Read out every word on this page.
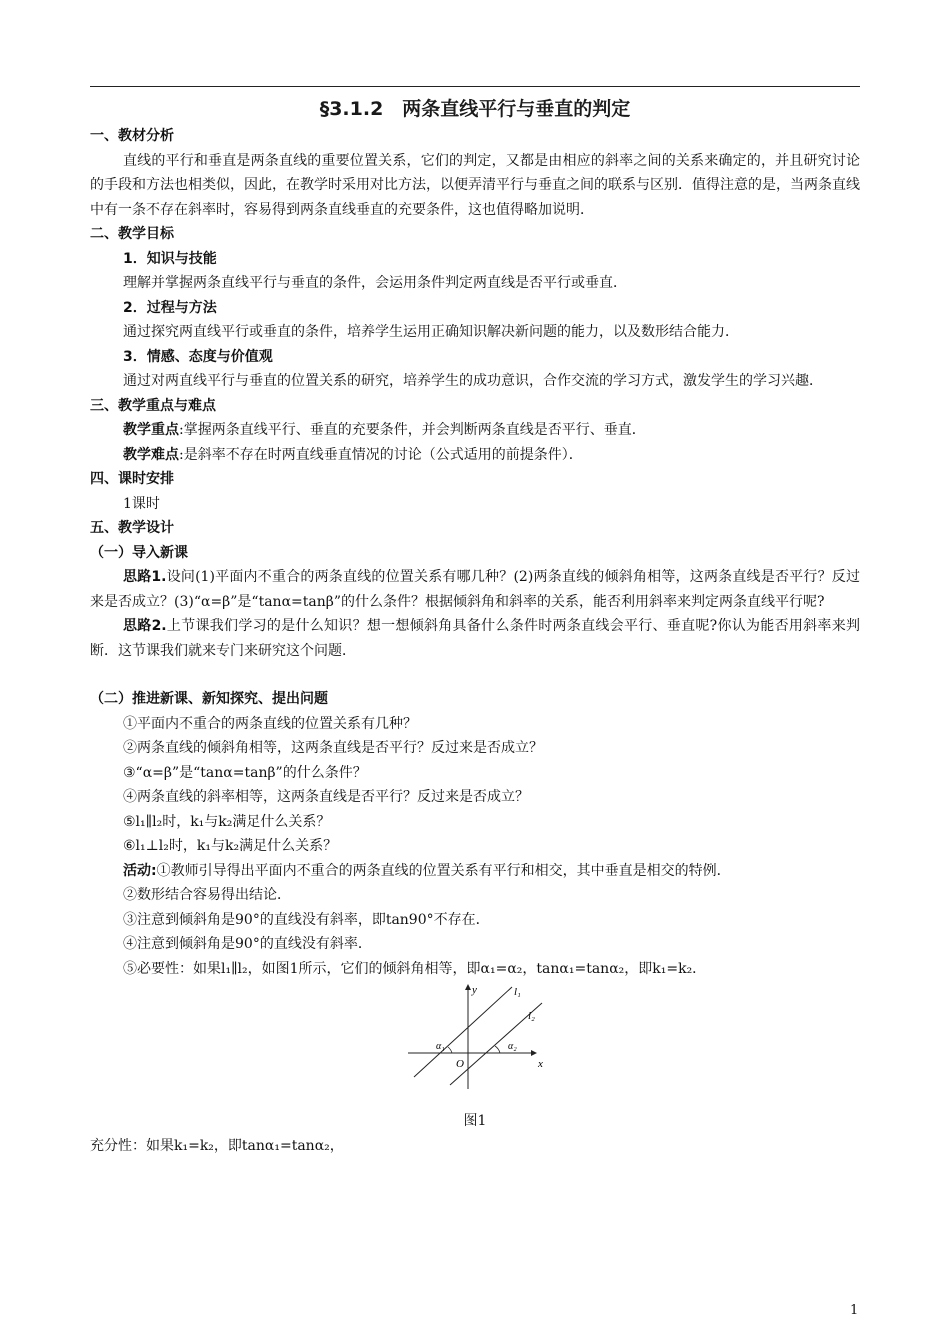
§3.1.2　两条直线平行与垂直的判定
一、教材分析
直线的平行和垂直是两条直线的重要位置关系，它们的判定，又都是由相应的斜率之间的关系来确定的，并且研究讨论的手段和方法也相类似，因此，在教学时采用对比方法，以便弄清平行与垂直之间的联系与区别．值得注意的是，当两条直线中有一条不存在斜率时，容易得到两条直线垂直的充要条件，这也值得略加说明．
二、教学目标
1．知识与技能
理解并掌握两条直线平行与垂直的条件，会运用条件判定两直线是否平行或垂直．
2．过程与方法
通过探究两直线平行或垂直的条件，培养学生运用正确知识解决新问题的能力，以及数形结合能力．
3．情感、态度与价值观
通过对两直线平行与垂直的位置关系的研究，培养学生的成功意识，合作交流的学习方式，激发学生的学习兴趣．
三、教学重点与难点
教学重点:掌握两条直线平行、垂直的充要条件，并会判断两条直线是否平行、垂直．
教学难点:是斜率不存在时两直线垂直情况的讨论（公式适用的前提条件）．
四、课时安排
1课时
五、教学设计
（一）导入新课
思路1.设问(1)平面内不重合的两条直线的位置关系有哪几种？(2)两条直线的倾斜角相等，这两条直线是否平行？反过来是否成立？(3)“α=β”是“tanα=tanβ”的什么条件？根据倾斜角和斜率的关系，能否利用斜率来判定两条直线平行呢?
思路2.上节课我们学习的是什么知识？想一想倾斜角具备什么条件时两条直线会平行、垂直呢?你认为能否用斜率来判断．这节课我们就来专门来研究这个问题．
（二）推进新课、新知探究、提出问题
①平面内不重合的两条直线的位置关系有几种？
②两条直线的倾斜角相等，这两条直线是否平行？反过来是否成立？
③“α=β”是“tanα=tanβ”的什么条件？
④两条直线的斜率相等，这两条直线是否平行？反过来是否成立？
⑤l₁∥l₂时，k₁与k₂满足什么关系？
⑥l₁⊥l₂时，k₁与k₂满足什么关系？
活动:①教师引导得出平面内不重合的两条直线的位置关系有平行和相交，其中垂直是相交的特例．
②数形结合容易得出结论．
③注意到倾斜角是90°的直线没有斜率，即tan90°不存在．
④注意到倾斜角是90°的直线没有斜率．
⑤必要性：如果l₁∥l₂，如图1所示，它们的倾斜角相等，即α₁=α₂，tanα₁=tanα₂，即k₁=k₂．
y
x
O
l₁
l₂
α₁	α₂
图1
充分性：如果k₁=k₂，即tanα₁=tanα₂，
1
